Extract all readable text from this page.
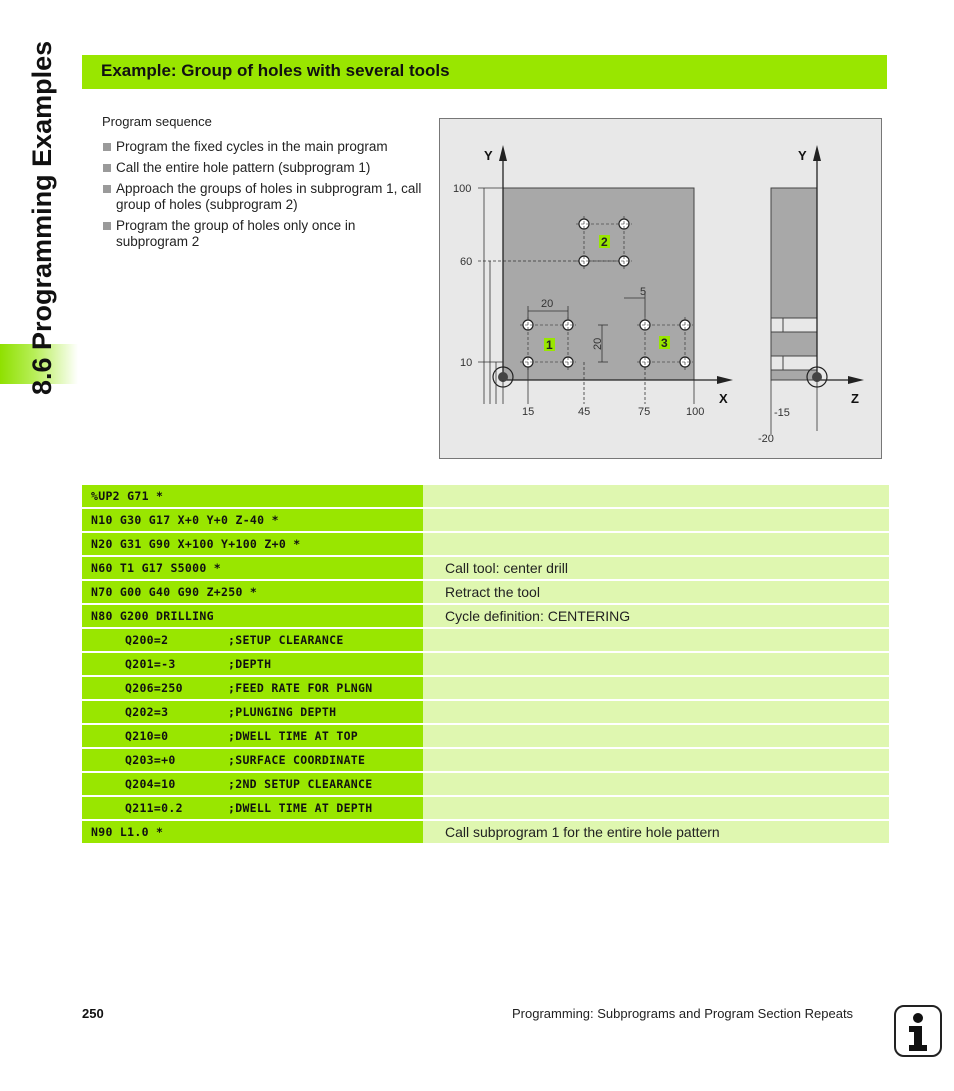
8.6 Programming Examples	Example: Group of holes with several tools
Program sequence
Program the fixed cycles in the main program
Call the entire hole pattern (subprogram 1)
Approach the groups of holes in subprogram 1, call group of holes (subprogram 2)
Program the group of holes only once in subprogram 2
1
2
3
Y
X
Y
Z
100
60
10
15	45	75	100	-15
-20
20
20
5
%UP2 G71 *
N10 G30 G17 X+0 Y+0 Z-40 *
N20 G31 G90 X+100 Y+100 Z+0 *
N60 T1 G17 S5000 *	Call tool: center drill
N70 G00 G40 G90 Z+250 *	Retract the tool
N80 G200 DRILLING	Cycle definition: CENTERING
Q200=2	;SETUP CLEARANCE
Q201=-3	;DEPTH
Q206=250	;FEED RATE FOR PLNGN
Q202=3	;PLUNGING DEPTH
Q210=0	;DWELL TIME AT TOP
Q203=+0	;SURFACE COORDINATE
Q204=10	;2ND SETUP CLEARANCE
Q211=0.2	;DWELL TIME AT DEPTH
N90 L1.0 *	Call subprogram 1 for the entire hole pattern
250	Programming: Subprograms and Program Section Repeats
